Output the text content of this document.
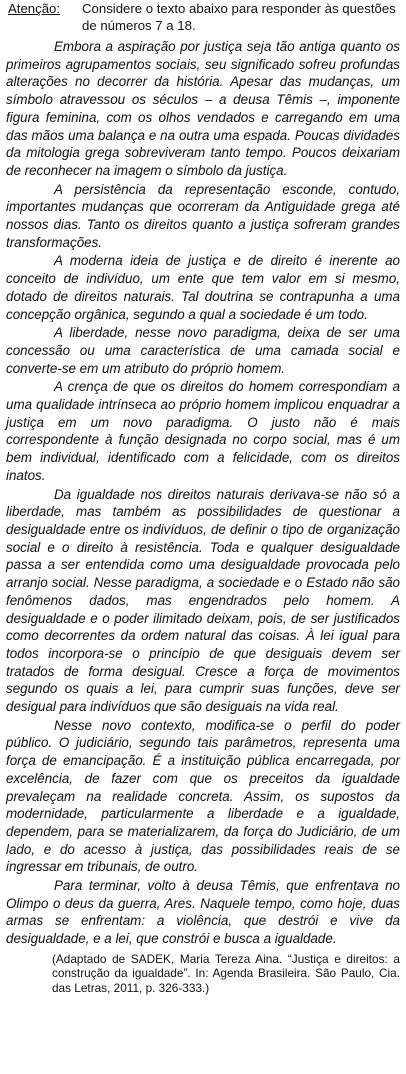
Atenção: Considere o texto abaixo para responder às questões de números 7 a 18.

Embora a aspiração por justiça seja tão antiga quanto os primeiros agrupamentos sociais, seu significado sofreu profundas alterações no decorrer da história. Apesar das mudanças, um símbolo atravessou os séculos – a deusa Têmis –, imponente figura feminina, com os olhos vendados e carregando em uma das mãos uma balança e na outra uma espada. Poucas dividades da mitologia grega sobreviveram tanto tempo. Poucos deixariam de reconhecer na imagem o símbolo da justiça.

A persistência da representação esconde, contudo, importantes mudanças que ocorreram da Antiguidade grega até nossos dias. Tanto os direitos quanto a justiça sofreram grandes transformações.

A moderna ideia de justiça e de direito é inerente ao conceito de indivíduo, um ente que tem valor em si mesmo, dotado de direitos naturais. Tal doutrina se contrapunha a uma concepção orgânica, segundo a qual a sociedade é um todo.

A liberdade, nesse novo paradigma, deixa de ser uma concessão ou uma característica de uma camada social e converte-se em um atributo do próprio homem.

A crença de que os direitos do homem correspondiam a uma qualidade intrínseca ao próprio homem implicou enquadrar a justiça em um novo paradigma. O justo não é mais correspondente à função designada no corpo social, mas é um bem individual, identificado com a felicidade, com os direitos inatos.

Da igualdade nos direitos naturais derivava-se não só a liberdade, mas também as possibilidades de questionar a desigualdade entre os indivíduos, de definir o tipo de organização social e o direito à resistência. Toda e qualquer desigualdade passa a ser entendida como uma desigualdade provocada pelo arranjo social. Nesse paradigma, a sociedade e o Estado não são fenômenos dados, mas engendrados pelo homem. A desigualdade e o poder ilimitado deixam, pois, de ser justificados como decorrentes da ordem natural das coisas. À lei igual para todos incorpora-se o princípio de que desiguais devem ser tratados de forma desigual. Cresce a força de movimentos segundo os quais a lei, para cumprir suas funções, deve ser desigual para indivíduos que são desiguais na vida real.

Nesse novo contexto, modifica-se o perfil do poder público. O judiciário, segundo tais parâmetros, representa uma força de emancipação. É a instituição pública encarregada, por excelência, de fazer com que os preceitos da igualdade prevaleçam na realidade concreta. Assim, os supostos da modernidade, particularmente a liberdade e a igualdade, dependem, para se materializarem, da força do Judiciário, de um lado, e do acesso à justiça, das possibilidades reais de se ingressar em tribunais, de outro.

Para terminar, volto à deusa Têmis, que enfrentava no Olimpo o deus da guerra, Ares. Naquele tempo, como hoje, duas armas se enfrentam: a violência, que destrói e vive da desigualdade, e a lei, que constrói e busca a igualdade.

(Adaptado de SADEK, Maria Tereza Aina. “Justiça e direitos: a construção da igualdade”. In: Agenda Brasileira. São Paulo, Cia. das Letras, 2011, p. 326-333.)
